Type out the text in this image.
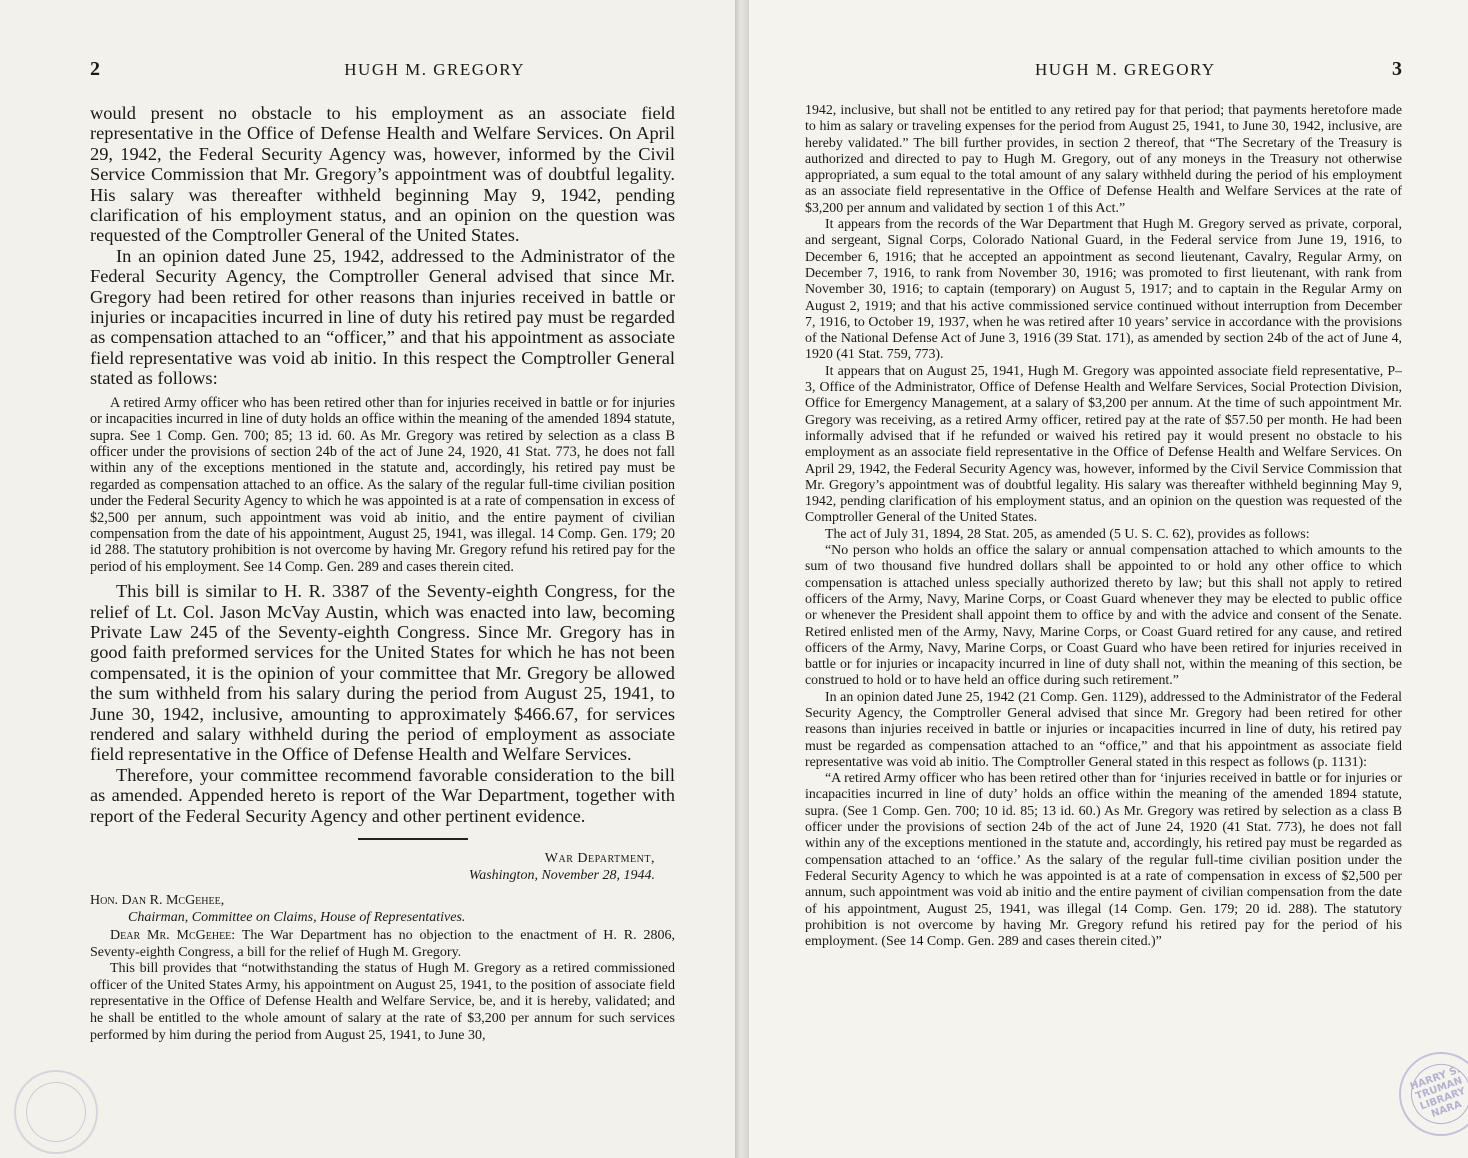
2	HUGH M. GREGORY

would present no obstacle to his employment as an associate field representative in the Office of Defense Health and Welfare Services. On April 29, 1942, the Federal Security Agency was, however, informed by the Civil Service Commission that Mr. Gregory’s appointment was of doubtful legality. His salary was thereafter withheld beginning May 9, 1942, pending clarification of his employment status, and an opinion on the question was requested of the Comptroller General of the United States.

In an opinion dated June 25, 1942, addressed to the Administrator of the Federal Security Agency, the Comptroller General advised that since Mr. Gregory had been retired for other reasons than injuries received in battle or injuries or incapacities incurred in line of duty his retired pay must be regarded as compensation attached to an “officer,” and that his appointment as associate field representative was void ab initio. In this respect the Comptroller General stated as follows:

A retired Army officer who has been retired other than for injuries received in battle or for injuries or incapacities incurred in line of duty holds an office within the meaning of the amended 1894 statute, supra. See 1 Comp. Gen. 700; 85; 13 id. 60. As Mr. Gregory was retired by selection as a class B officer under the provisions of section 24b of the act of June 24, 1920, 41 Stat. 773, he does not fall within any of the exceptions mentioned in the statute and, accordingly, his retired pay must be regarded as compensation attached to an office. As the salary of the regular full-time civilian position under the Federal Security Agency to which he was appointed is at a rate of compensation in excess of $2,500 per annum, such appointment was void ab initio, and the entire payment of civilian compensation from the date of his appointment, August 25, 1941, was illegal. 14 Comp. Gen. 179; 20 id 288. The statutory prohibition is not overcome by having Mr. Gregory refund his retired pay for the period of his employment. See 14 Comp. Gen. 289 and cases therein cited.

This bill is similar to H. R. 3387 of the Seventy-eighth Congress, for the relief of Lt. Col. Jason McVay Austin, which was enacted into law, becoming Private Law 245 of the Seventy-eighth Congress. Since Mr. Gregory has in good faith preformed services for the United States for which he has not been compensated, it is the opinion of your committee that Mr. Gregory be allowed the sum withheld from his salary during the period from August 25, 1941, to June 30, 1942, inclusive, amounting to approximately $466.67, for services rendered and salary withheld during the period of employment as associate field representative in the Office of Defense Health and Welfare Services.

Therefore, your committee recommend favorable consideration to the bill as amended. Appended hereto is report of the War Department, together with report of the Federal Security Agency and other pertinent evidence.

War Department,
Washington, November 28, 1944.
Hon. Dan R. McGehee,
Chairman, Committee on Claims, House of Representatives.

Dear Mr. McGehee: The War Department has no objection to the enactment of H. R. 2806, Seventy-eighth Congress, a bill for the relief of Hugh M. Gregory.

This bill provides that “notwithstanding the status of Hugh M. Gregory as a retired commissioned officer of the United States Army, his appointment on August 25, 1941, to the position of associate field representative in the Office of Defense Health and Welfare Service, be, and it is hereby, validated; and he shall be entitled to the whole amount of salary at the rate of $3,200 per annum for such services performed by him during the period from August 25, 1941, to June 30,

HUGH M. GREGORY	3

1942, inclusive, but shall not be entitled to any retired pay for that period; that payments heretofore made to him as salary or traveling expenses for the period from August 25, 1941, to June 30, 1942, inclusive, are hereby validated.” The bill further provides, in section 2 thereof, that “The Secretary of the Treasury is authorized and directed to pay to Hugh M. Gregory, out of any moneys in the Treasury not otherwise appropriated, a sum equal to the total amount of any salary withheld during the period of his employment as an associate field representative in the Office of Defense Health and Welfare Services at the rate of $3,200 per annum and validated by section 1 of this Act.”

It appears from the records of the War Department that Hugh M. Gregory served as private, corporal, and sergeant, Signal Corps, Colorado National Guard, in the Federal service from June 19, 1916, to December 6, 1916; that he accepted an appointment as second lieutenant, Cavalry, Regular Army, on December 7, 1916, to rank from November 30, 1916; was promoted to first lieutenant, with rank from November 30, 1916; to captain (temporary) on August 5, 1917; and to captain in the Regular Army on August 2, 1919; and that his active commissioned service continued without interruption from December 7, 1916, to October 19, 1937, when he was retired after 10 years’ service in accordance with the provisions of the National Defense Act of June 3, 1916 (39 Stat. 171), as amended by section 24b of the act of June 4, 1920 (41 Stat. 759, 773).

It appears that on August 25, 1941, Hugh M. Gregory was appointed associate field representative, P–3, Office of the Administrator, Office of Defense Health and Welfare Services, Social Protection Division, Office for Emergency Management, at a salary of $3,200 per annum. At the time of such appointment Mr. Gregory was receiving, as a retired Army officer, retired pay at the rate of $57.50 per month. He had been informally advised that if he refunded or waived his retired pay it would present no obstacle to his employment as an associate field representative in the Office of Defense Health and Welfare Services. On April 29, 1942, the Federal Security Agency was, however, informed by the Civil Service Commission that Mr. Gregory’s appointment was of doubtful legality. His salary was thereafter withheld beginning May 9, 1942, pending clarification of his employment status, and an opinion on the question was requested of the Comptroller General of the United States.

The act of July 31, 1894, 28 Stat. 205, as amended (5 U. S. C. 62), provides as follows:

“No person who holds an office the salary or annual compensation attached to which amounts to the sum of two thousand five hundred dollars shall be appointed to or hold any other office to which compensation is attached unless specially authorized thereto by law; but this shall not apply to retired officers of the Army, Navy, Marine Corps, or Coast Guard whenever they may be elected to public office or whenever the President shall appoint them to office by and with the advice and consent of the Senate. Retired enlisted men of the Army, Navy, Marine Corps, or Coast Guard retired for any cause, and retired officers of the Army, Navy, Marine Corps, or Coast Guard who have been retired for injuries received in battle or for injuries or incapacity incurred in line of duty shall not, within the meaning of this section, be construed to hold or to have held an office during such retirement.”

In an opinion dated June 25, 1942 (21 Comp. Gen. 1129), addressed to the Administrator of the Federal Security Agency, the Comptroller General advised that since Mr. Gregory had been retired for other reasons than injuries received in battle or injuries or incapacities incurred in line of duty, his retired pay must be regarded as compensation attached to an “office,” and that his appointment as associate field representative was void ab initio. The Comptroller General stated in this respect as follows (p. 1131):

“A retired Army officer who has been retired other than for ‘injuries received in battle or for injuries or incapacities incurred in line of duty’ holds an office within the meaning of the amended 1894 statute, supra. (See 1 Comp. Gen. 700; 10 id. 85; 13 id. 60.) As Mr. Gregory was retired by selection as a class B officer under the provisions of section 24b of the act of June 24, 1920 (41 Stat. 773), he does not fall within any of the exceptions mentioned in the statute and, accordingly, his retired pay must be regarded as compensation attached to an ‘office.’ As the salary of the regular full-time civilian position under the Federal Security Agency to which he was appointed is at a rate of compensation in excess of $2,500 per annum, such appointment was void ab initio and the entire payment of civilian compensation from the date of his appointment, August 25, 1941, was illegal (14 Comp. Gen. 179; 20 id. 288). The statutory prohibition is not overcome by having Mr. Gregory refund his retired pay for the period of his employment. (See 14 Comp. Gen. 289 and cases therein cited.)”

HARRY S. TRUMAN LIBRARY NARA
